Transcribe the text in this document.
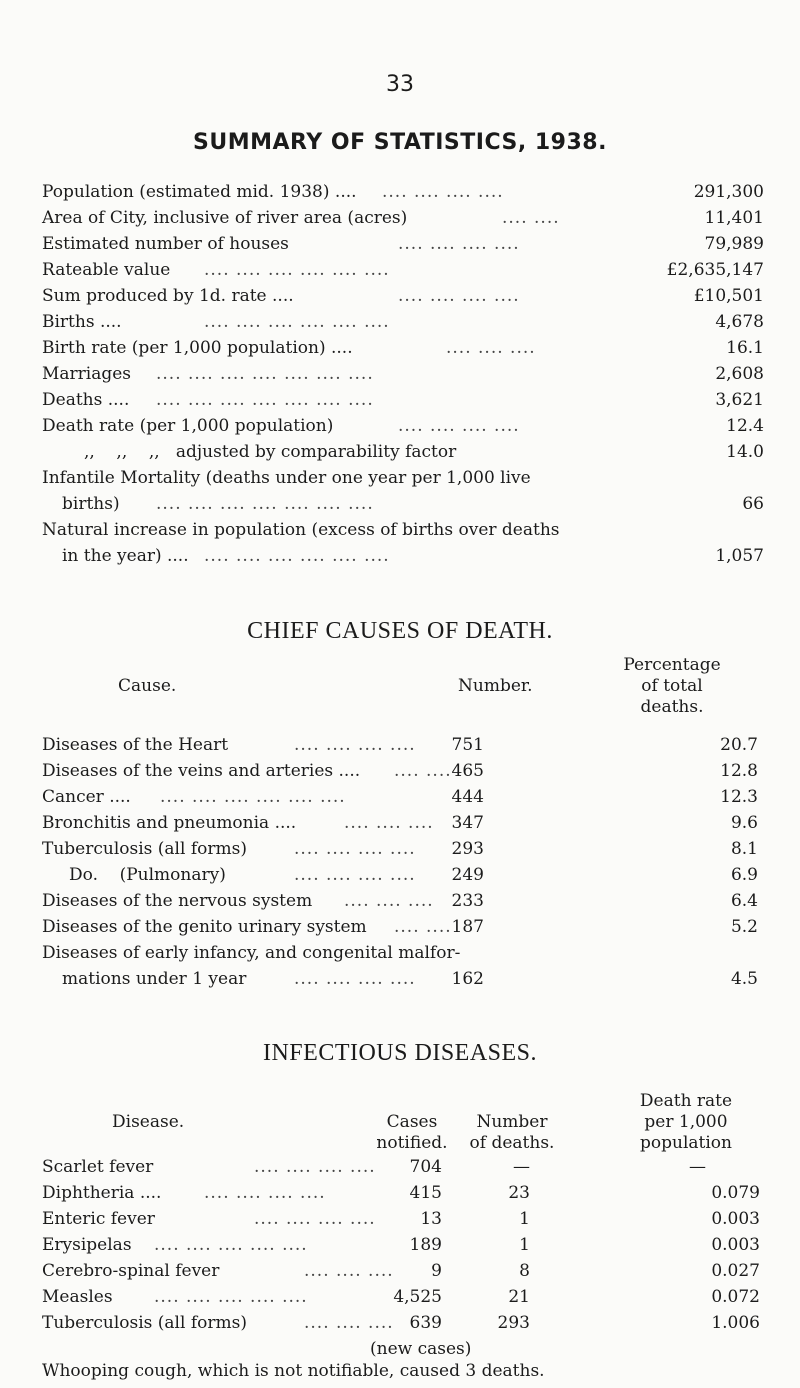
33
SUMMARY OF STATISTICS, 1938.
Population (estimated mid. 1938) .... .... .... .... ....	291,300
Area of City, inclusive of river area (acres)	.... ....	11,401
Estimated number of houses	.... .... .... ....	79,989
Rateable value .... .... .... .... .... ....	£2,635,147
Sum produced by 1d. rate ....	.... .... .... ....	£10,501
Births ....	.... .... .... .... .... ....	4,678
Birth rate (per 1,000 population) ....	.... .... ....	16.1
Marriages .... .... .... .... .... .... ....	2,608
Deaths .... .... .... .... .... .... .... ....	3,621
Death rate (per 1,000 population)	.... .... .... ....	12.4
,,    ,,    ,,   adjusted by comparability factor	14.0
Infantile Mortality (deaths under one year per 1,000 live
births) .... .... .... .... .... .... ....	66
Natural increase in population (excess of births over deaths
in the year) .... .... .... .... .... .... ....	1,057
CHIEF CAUSES OF DEATH.
Cause.	Number.
Percentage
of total
deaths.
Diseases of the Heart	.... .... .... .... 751	20.7
Diseases of the veins and arteries .... .... .... 465	12.8
Cancer .... .... .... .... .... .... ....	444	12.3
Bronchitis and pneumonia ....	.... .... .... 347	9.6
Tuberculosis (all forms)	.... .... .... .... 293	8.1
Do.    (Pulmonary)	.... .... .... .... 249	6.9
Diseases of the nervous system .... .... .... 233	6.4
Diseases of the genito urinary system .... .... 187	5.2
Diseases of early infancy, and congenital malfor-
mations under 1 year	.... .... .... .... 162	4.5
INFECTIOUS DISEASES.
Disease.	Cases
notified.
Number
of deaths.
Death rate
per 1,000
population
Scarlet fever	.... .... .... .... 704	—	—
Diphtheria ....	.... .... .... ....	415	23	0.079
Enteric fever	.... .... .... ....	13	1	0.003
Erysipelas .... .... .... .... ....	189	1	0.003
Cerebro-spinal fever	.... .... .... 9	8	0.027
Measles .... .... .... .... ....	4,525	21	0.072
Tuberculosis (all forms)	.... .... .... 639	293	1.006
(new cases)
Whooping cough, which is not notifiable, caused 3 deaths.
